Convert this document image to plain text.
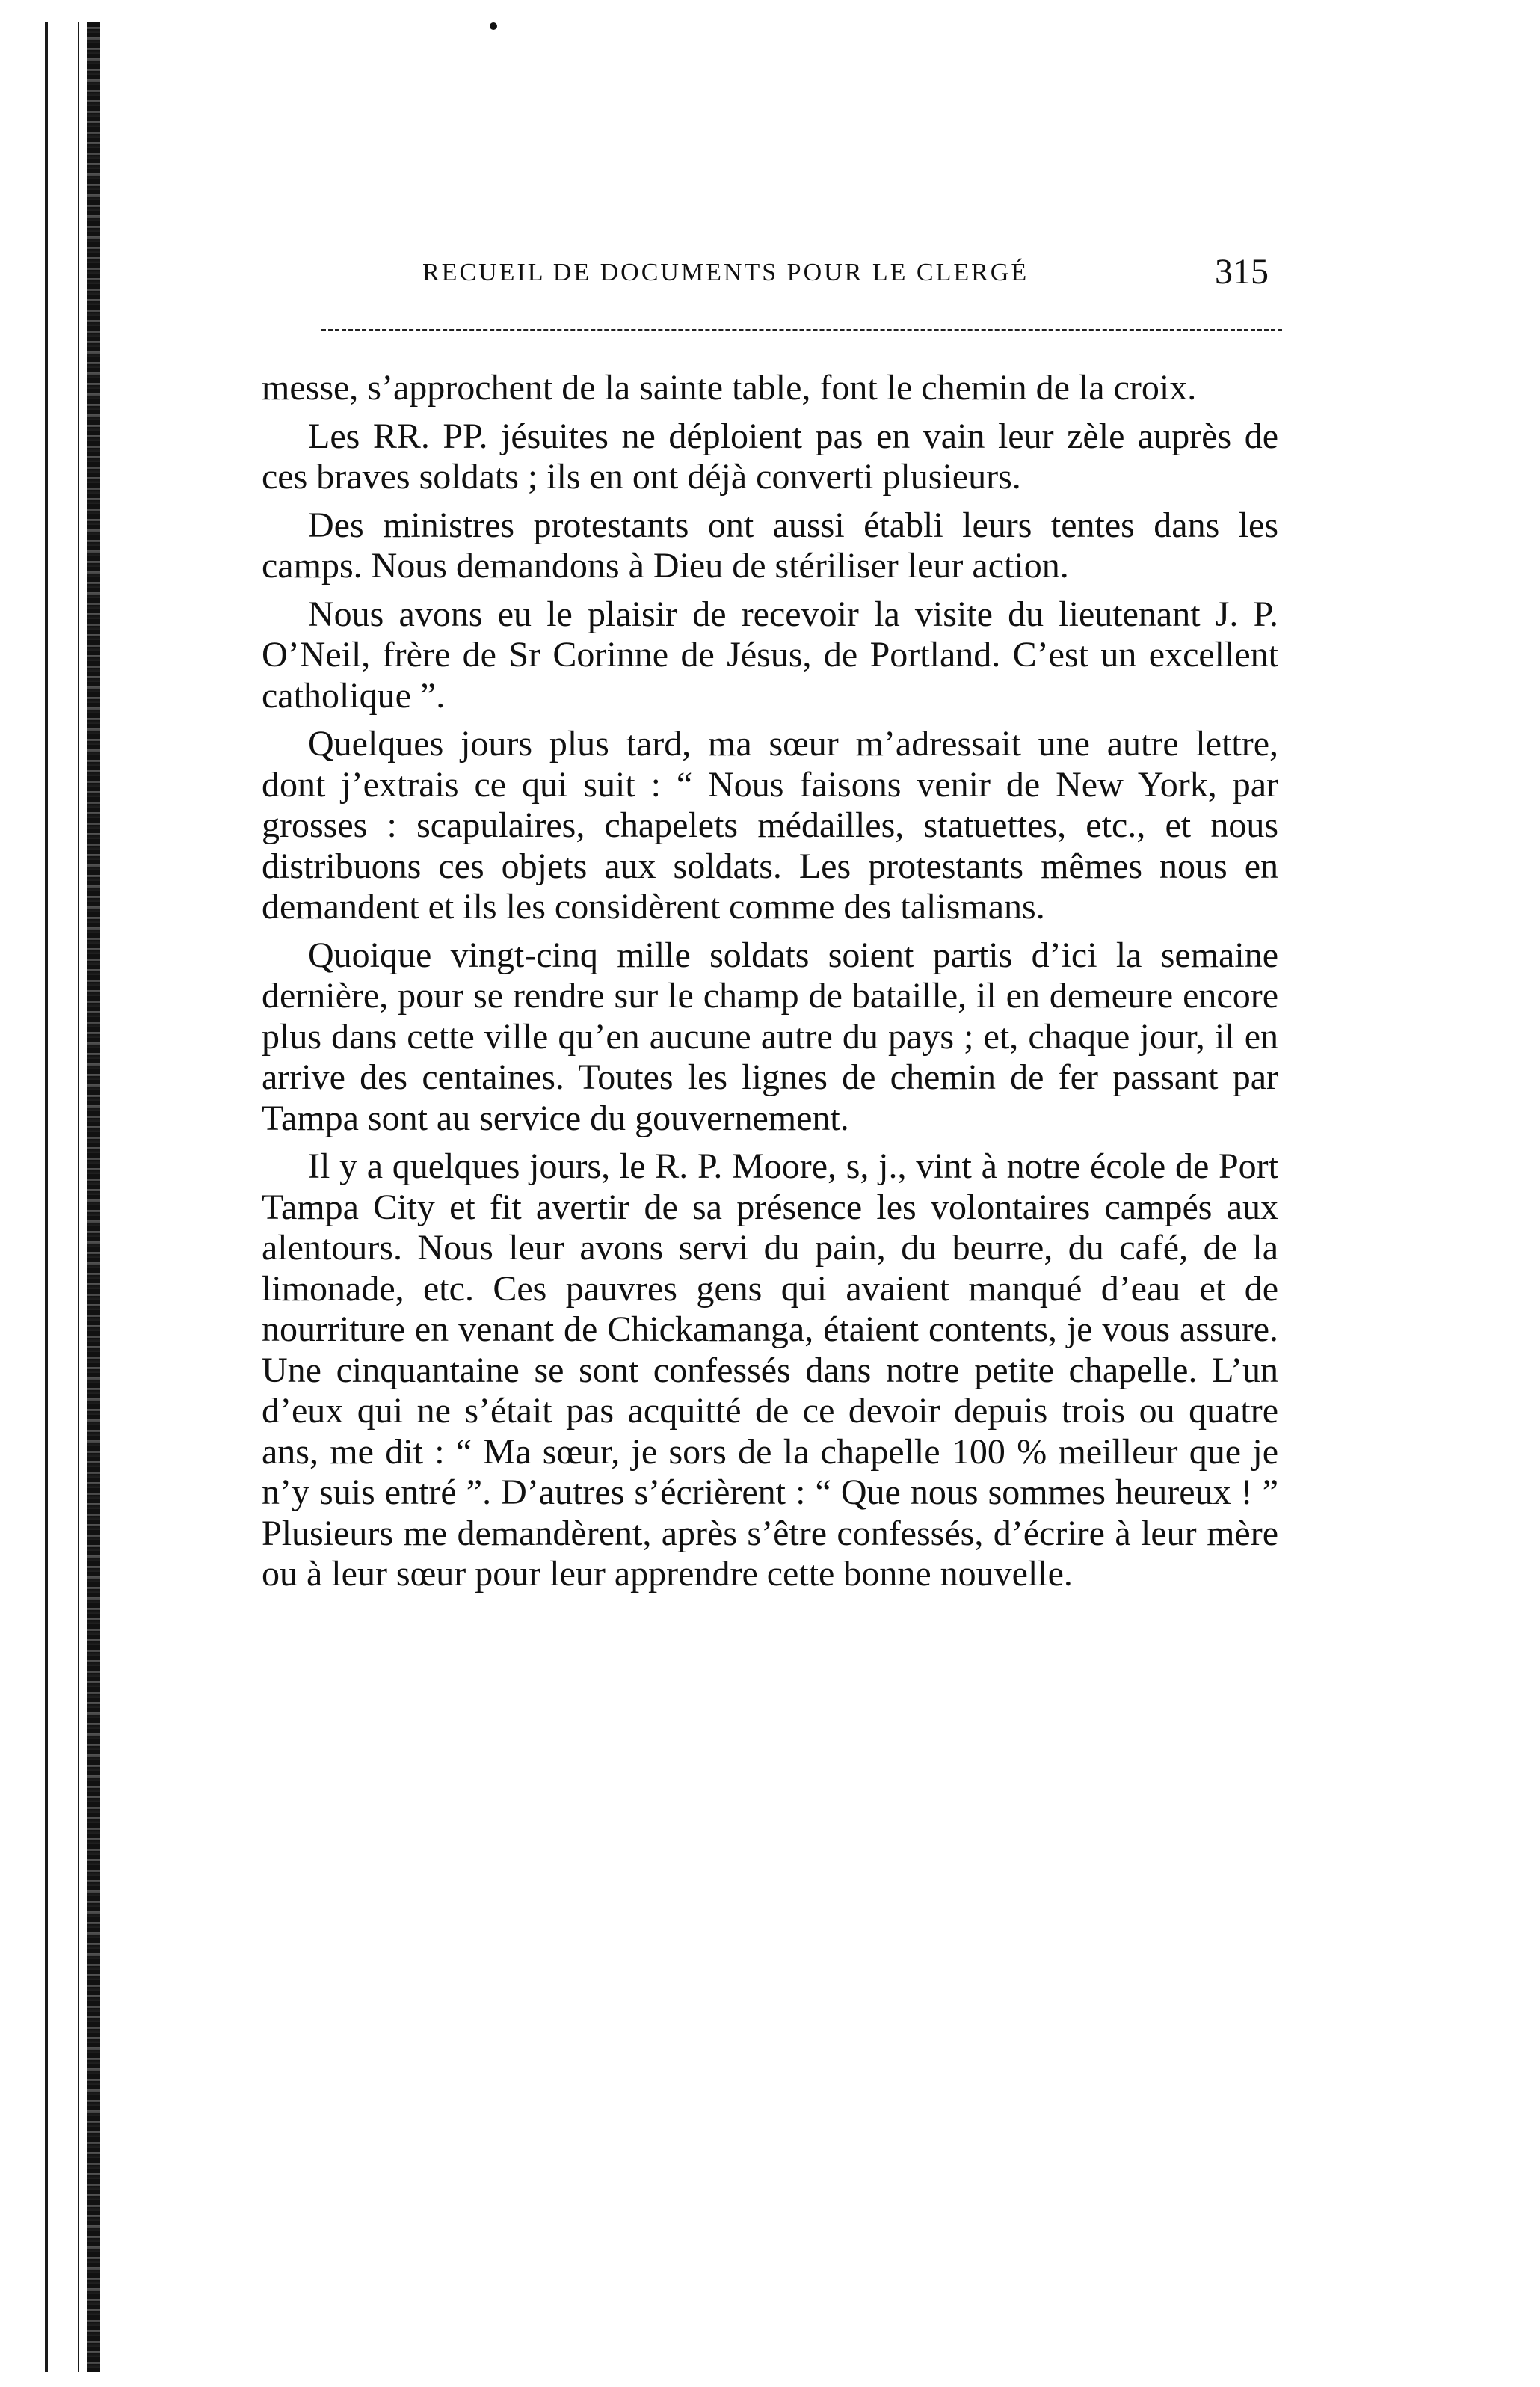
RECUEIL DE DOCUMENTS POUR LE CLERGÉ	315

messe, s’approchent de la sainte table, font le chemin de la croix.

Les RR. PP. jésuites ne déploient pas en vain leur zèle auprès de ces braves soldats ; ils en ont déjà converti plusieurs.

Des ministres protestants ont aussi établi leurs tentes dans les camps. Nous demandons à Dieu de stériliser leur action.

Nous avons eu le plaisir de recevoir la visite du lieutenant J. P. O’Neil, frère de Sr Corinne de Jésus, de Portland. C’est un excellent catholique ”.

Quelques jours plus tard, ma sœur m’adressait une autre lettre, dont j’extrais ce qui suit : “ Nous faisons venir de New York, par grosses : scapulaires, chapelets médailles, statuettes, etc., et nous distribuons ces objets aux soldats. Les protestants mêmes nous en demandent et ils les considèrent comme des talismans.

Quoique vingt-cinq mille soldats soient partis d’ici la semaine dernière, pour se rendre sur le champ de bataille, il en demeure encore plus dans cette ville qu’en aucune autre du pays ; et, chaque jour, il en arrive des centaines. Toutes les lignes de chemin de fer passant par Tampa sont au service du gouvernement.

Il y a quelques jours, le R. P. Moore, s, j., vint à notre école de Port Tampa City et fit avertir de sa présence les volontaires campés aux alentours. Nous leur avons servi du pain, du beurre, du café, de la limonade, etc. Ces pauvres gens qui avaient manqué d’eau et de nourriture en venant de Chickamanga, étaient contents, je vous assure. Une cinquantaine se sont confessés dans notre petite chapelle. L’un d’eux qui ne s’était pas acquitté de ce devoir depuis trois ou quatre ans, me dit : “ Ma sœur, je sors de la chapelle 100 % meilleur que je n’y suis entré ”. D’autres s’écrièrent : “ Que nous sommes heureux ! ” Plusieurs me demandèrent, après s’être confessés, d’écrire à leur mère ou à leur sœur pour leur apprendre cette bonne nouvelle.
